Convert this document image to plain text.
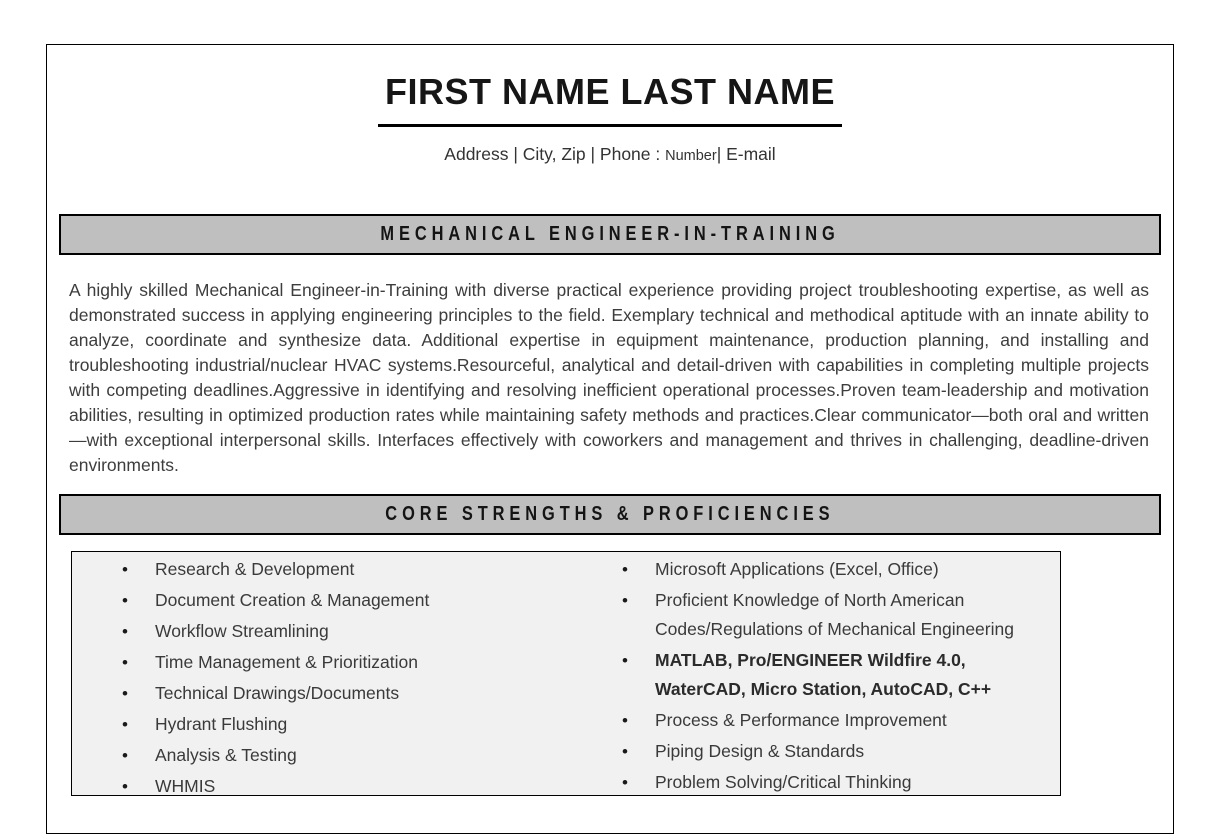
FIRST NAME LAST NAME
Address | City, Zip | Phone : Number| E-mail
MECHANICAL ENGINEER-IN-TRAINING

A highly skilled Mechanical Engineer-in-Training with diverse practical experience providing project troubleshooting expertise, as well as demonstrated success in applying engineering principles to the field. Exemplary technical and methodical aptitude with an innate ability to analyze, coordinate and synthesize data. Additional expertise in equipment maintenance, production planning, and installing and troubleshooting industrial/nuclear HVAC systems.Resourceful, analytical and detail-driven with capabilities in completing multiple projects with competing deadlines.Aggressive in identifying and resolving inefficient operational processes.Proven team-leadership and motivation abilities, resulting in optimized production rates while maintaining safety methods and practices.Clear communicator—both oral and written—with exceptional interpersonal skills. Interfaces effectively with coworkers and management and thrives in challenging, deadline-driven environments.

CORE STRENGTHS & PROFICIENCIES
•	Research & Development
•	Document Creation & Management
•	Workflow Streamlining
•	Time Management & Prioritization
•	Technical Drawings/Documents
•	Hydrant Flushing
•	Analysis & Testing
•	WHMIS
•	Microsoft Applications (Excel, Office)
•	Proficient Knowledge of North American Codes/Regulations of Mechanical Engineering
•	MATLAB, Pro/ENGINEER Wildfire 4.0, WaterCAD, Micro Station, AutoCAD, C++
•	Process & Performance Improvement
•	Piping Design & Standards
•	Problem Solving/Critical Thinking
